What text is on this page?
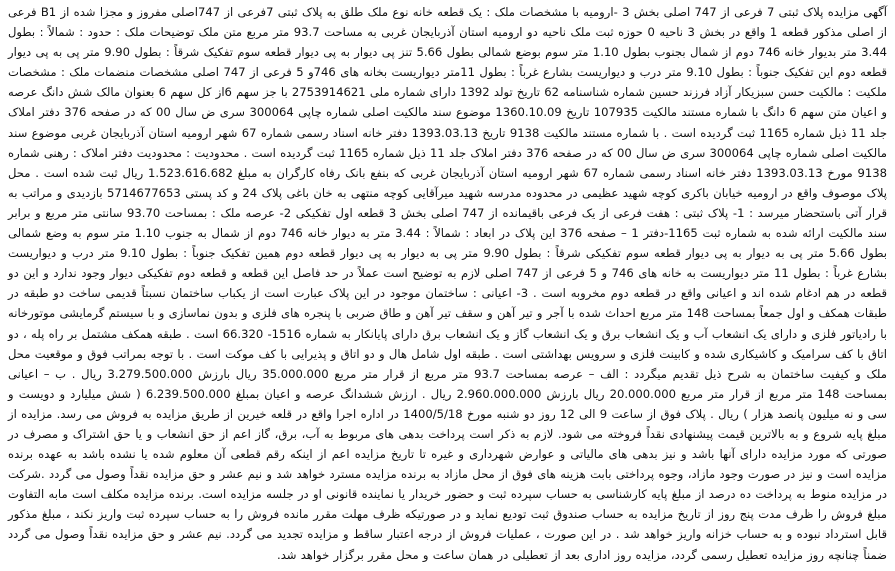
آگهی مزایده پلاک ثبتی 7 فرعی از 747 اصلی بخش 3 -ارومیه با مشخصات ملک : یک قطعه خانه نوع ملک طلق به پلاک ثبتی 7فرعی از 747اصلی مفروز و مجزا شده از B1 فرعی از اصلی مذکور قطعه 1 واقع در بخش 3 ناحیه 0 حوزه ثبت ملک ناحیه دو ارومیه استان آذربایجان غربی به مساحت 93.7 متر مربع متن ملک توضیحات ملک : حدود : شمالاً : بطول 3.44 متر بدیوار خانه 746 دوم از شمال بجنوب بطول 1.10 متر سوم بوضع شمالی بطول 5.66 تنز پی دیوار به پی دیوار قطعه سوم تفکیک شرقاً : بطول 9.90 متر پی به پی دیوار قطعه دوم این تفکیک جنوباً : بطول 9.10 متر درب و دیواریست بشارع غرباً : بطول 11متر دیواریست بخانه های 746و 5 فرعی از 747 اصلی مشخصات منضمات ملک : مشخصات ملکیت : مالکیت حسن سبزیکار آزاد فرزند حسین شماره شناسنامه 62 تاریخ تولد 1392 دارای شماره ملی 2753914621 با جز سهم 6از کل سهم 6 بعنوان مالک شش دانگ عرصه و اعیان متن سهم 6 دانگ با شماره مستند مالکیت 107935 تاریخ 1360.10.09 موضوع سند مالکیت اصلی شماره چاپی 300064 سری ض سال 00 که در صفحه 376 دفتر املاک جلد 11 ذیل شماره 1165 ثبت گردیده است . با شماره مستند مالکیت 9138 تاریخ 1393.03.13 دفتر خانه اسناد رسمی شماره 67 شهر ارومیه استان آذربایجان غربی موضوع سند مالکیت اصلی شماره چاپی 300064 سری ض سال 00 که در صفحه 376 دفتر املاک جلد 11 ذیل شماره 1165 ثبت گردیده است . محدودیت : محدودیت دفتر املاک : رهنی شماره 9138 مورخ 1393.03.13 دفتر خانه اسناد رسمی شماره 67 شهر ارومیه استان آذربایجان غربی که بنفع بانک رفاه کارگران به مبلغ 1.523.616.682 ریال ثبت شده است . محل پلاک موصوف واقع در ارومیه خیابان باکری کوچه شهید عظیمی در محدوده مدرسه شهید میرآقایی کوچه منتهی به خان باغی پلاک 24 و کد پستی 5714677653 بازدیدی و مراتب به قرار آتی باستحضار میرسد : 1- پلاک ثبتی : هفت فرعی از یک فرعی باقیمانده از 747 اصلی بخش 3 قطعه اول تفکیکی 2- عرصه ملک : بمساحت 93.70 سانتی متر مربع و برابر سند مالکیت ارائه شده به شماره ثبت 1165-دفتر 1 – صفحه 376 این پلاک در ابعاد : شمالاً : 3.44 متر به دیوار خانه 746 دوم از شمال به جنوب 1.10 متر سوم به وضع شمالی بطول 5.66 متر پی به دیوار به پی دیوار قطعه سوم تفکیکی شرقاً : بطول 9.90 متر پی به دیوار به پی دیوار قطعه دوم همین تفکیک جنوباً : بطول 9.10 متر درب و دیواریست بشارع غرباً : بطول 11 متر دیواریست به خانه های 746 و 5 فرعی از 747 اصلی لازم به توضیح است عملاً در حد فاصل این قطعه و قطعه دوم تفکیکی دیوار وجود ندارد و این دو قطعه در هم ادغام شده اند و اعیانی واقع در قطعه دوم مخروبه است . 3- اعیانی : ساختمان موجود در این پلاک عبارت است از یکباب ساختمان نسبتاً قدیمی ساخت دو طبقه در طبقات همکف و اول جمعاً بمساحت 148 متر مربع احداث شده با آجر و تیر آهن و سقف تیر آهن و طاق ضربی با پنجره های فلزی و بدون نماسازی و با سیستم گرمایشی موتورخانه با رادیاتور فلزی و دارای یک انشعاب آب و یک انشعاب برق و یک انشعاب گاز و یک انشعاب برق دارای پایانکار به شماره 1516- 66.320 است . طبقه همکف مشتمل بر راه پله ، دو اتاق با کف سرامیک و کاشیکاری شده و کابینت فلزی و سرویس بهداشتی است . طبقه اول شامل هال و دو اتاق و پذیرایی با کف موکت است . با توجه بمراتب فوق و موقعیت محل ملک و کیفیت ساختمان به شرح ذیل تقدیم میگردد : الف – عرصه بمساحت 93.7 متر مربع از قرار متر مربع 35.000.000 ریال بارزش 3.279.500.000 ریال . ب – اعیانی بمساحت 148 متر مربع از قرار متر مربع 20.000.000 ریال بارزش 2.960.000.000 ریال . ارزش ششدانگ عرصه و اعیان بمبلغ 6.239.500.000 ( شش میلیارد و دویست و سی و نه میلیون پانصد هزار ) ریال . پلاک فوق از ساعت 9 الی 12 روز دو شنبه مورخ 1400/5/18 در اداره اجرا واقع در قلعه خیرین از طریق مزایده به فروش می رسد. مزایده از مبلغ پایه شروع و به بالاترین قیمت پیشنهادی نقداً فروخته می شود. لازم به ذکر است پرداخت بدهی های مربوط به آب، برق، گاز اعم از حق انشعاب و یا حق اشتراک و مصرف در صورتی که مورد مزایده دارای آنها باشد و نیز بدهی های مالیاتی و عوارض شهرداری و غیره تا تاریخ مزایده اعم از اینکه رقم قطعی آن معلوم شده یا نشده باشد به عهده برنده مزایده است و نیز در صورت وجود مازاد، وجوه پرداختی بابت هزینه های فوق از محل مازاد به برنده مزایده مسترد خواهد شد و نیم عشر و حق مزایده نقداً وصول می گردد .شرکت در مزایده منوط به پرداخت ده درصد از مبلغ پایه کارشناسی به حساب سپرده ثبت و حضور خریدار یا نماینده قانونی او در جلسه مزایده است. برنده مزایده مکلف است مابه التفاوت مبلغ فروش را ظرف مدت پنج روز از تاریخ مزایده به حساب صندوق ثبت تودیع نماید و در صورتیکه ظرف مهلت مقرر مانده فروش را به حساب سپرده ثبت واریز نکند ، مبلغ مذکور قابل استرداد نبوده و به حساب خزانه واریز خواهد شد . در این صورت ، عملیات فروش از درجه اعتبار ساقط و مزایده تجدید می گردد. نیم عشر و حق مزایده نقداً وصول می گردد ضمناً چنانچه روز مزایده تعطیل رسمی گردد، مزایده روز اداری بعد از تعطیلی در همان ساعت و محل مقرر برگزار خواهد شد.
